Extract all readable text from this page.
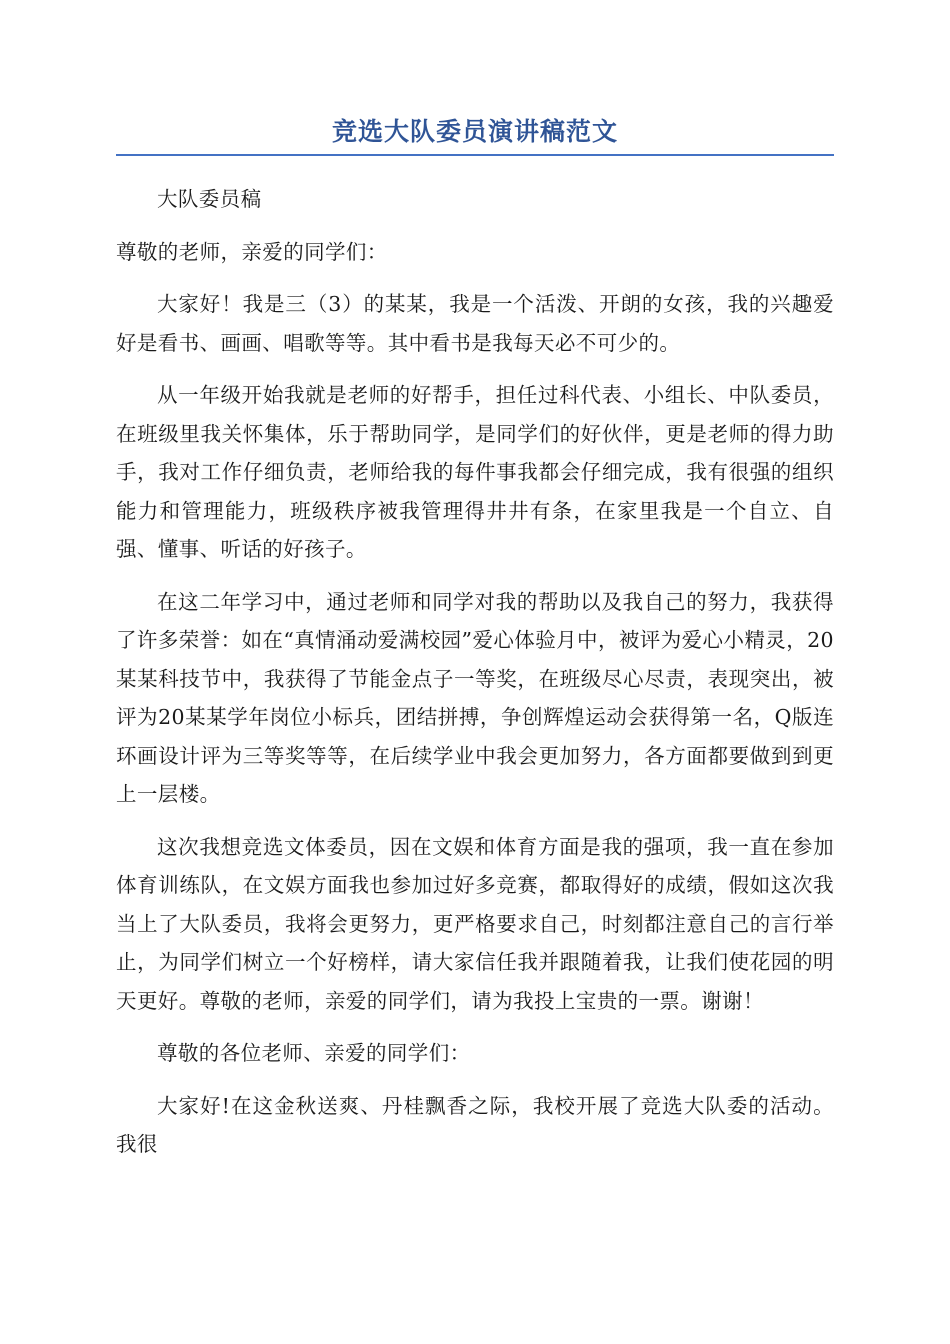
竞选大队委员演讲稿范文

大队委员稿

尊敬的老师，亲爱的同学们：

大家好！我是三（3）的某某，我是一个活泼、开朗的女孩，我的兴趣爱好是看书、画画、唱歌等等。其中看书是我每天必不可少的。

从一年级开始我就是老师的好帮手，担任过科代表、小组长、中队委员，在班级里我关怀集体，乐于帮助同学，是同学们的好伙伴，更是老师的得力助手，我对工作仔细负责，老师给我的每件事我都会仔细完成，我有很强的组织能力和管理能力，班级秩序被我管理得井井有条，在家里我是一个自立、自强、懂事、听话的好孩子。

在这二年学习中，通过老师和同学对我的帮助以及我自己的努力，我获得了许多荣誉：如在“真情涌动爱满校园”爱心体验月中，被评为爱心小精灵，20某某科技节中，我获得了节能金点子一等奖，在班级尽心尽责，表现突出，被评为20某某学年岗位小标兵，团结拼搏，争创辉煌运动会获得第一名，Q版连环画设计评为三等奖等等，在后续学业中我会更加努力，各方面都要做到到更上一层楼。

这次我想竞选文体委员，因在文娱和体育方面是我的强项，我一直在参加体育训练队，在文娱方面我也参加过好多竞赛，都取得好的成绩，假如这次我当上了大队委员，我将会更努力，更严格要求自己，时刻都注意自己的言行举止，为同学们树立一个好榜样，请大家信任我并跟随着我，让我们使花园的明天更好。尊敬的老师，亲爱的同学们，请为我投上宝贵的一票。谢谢！

尊敬的各位老师、亲爱的同学们：

大家好!在这金秋送爽、丹桂飘香之际，我校开展了竞选大队委的活动。我很
